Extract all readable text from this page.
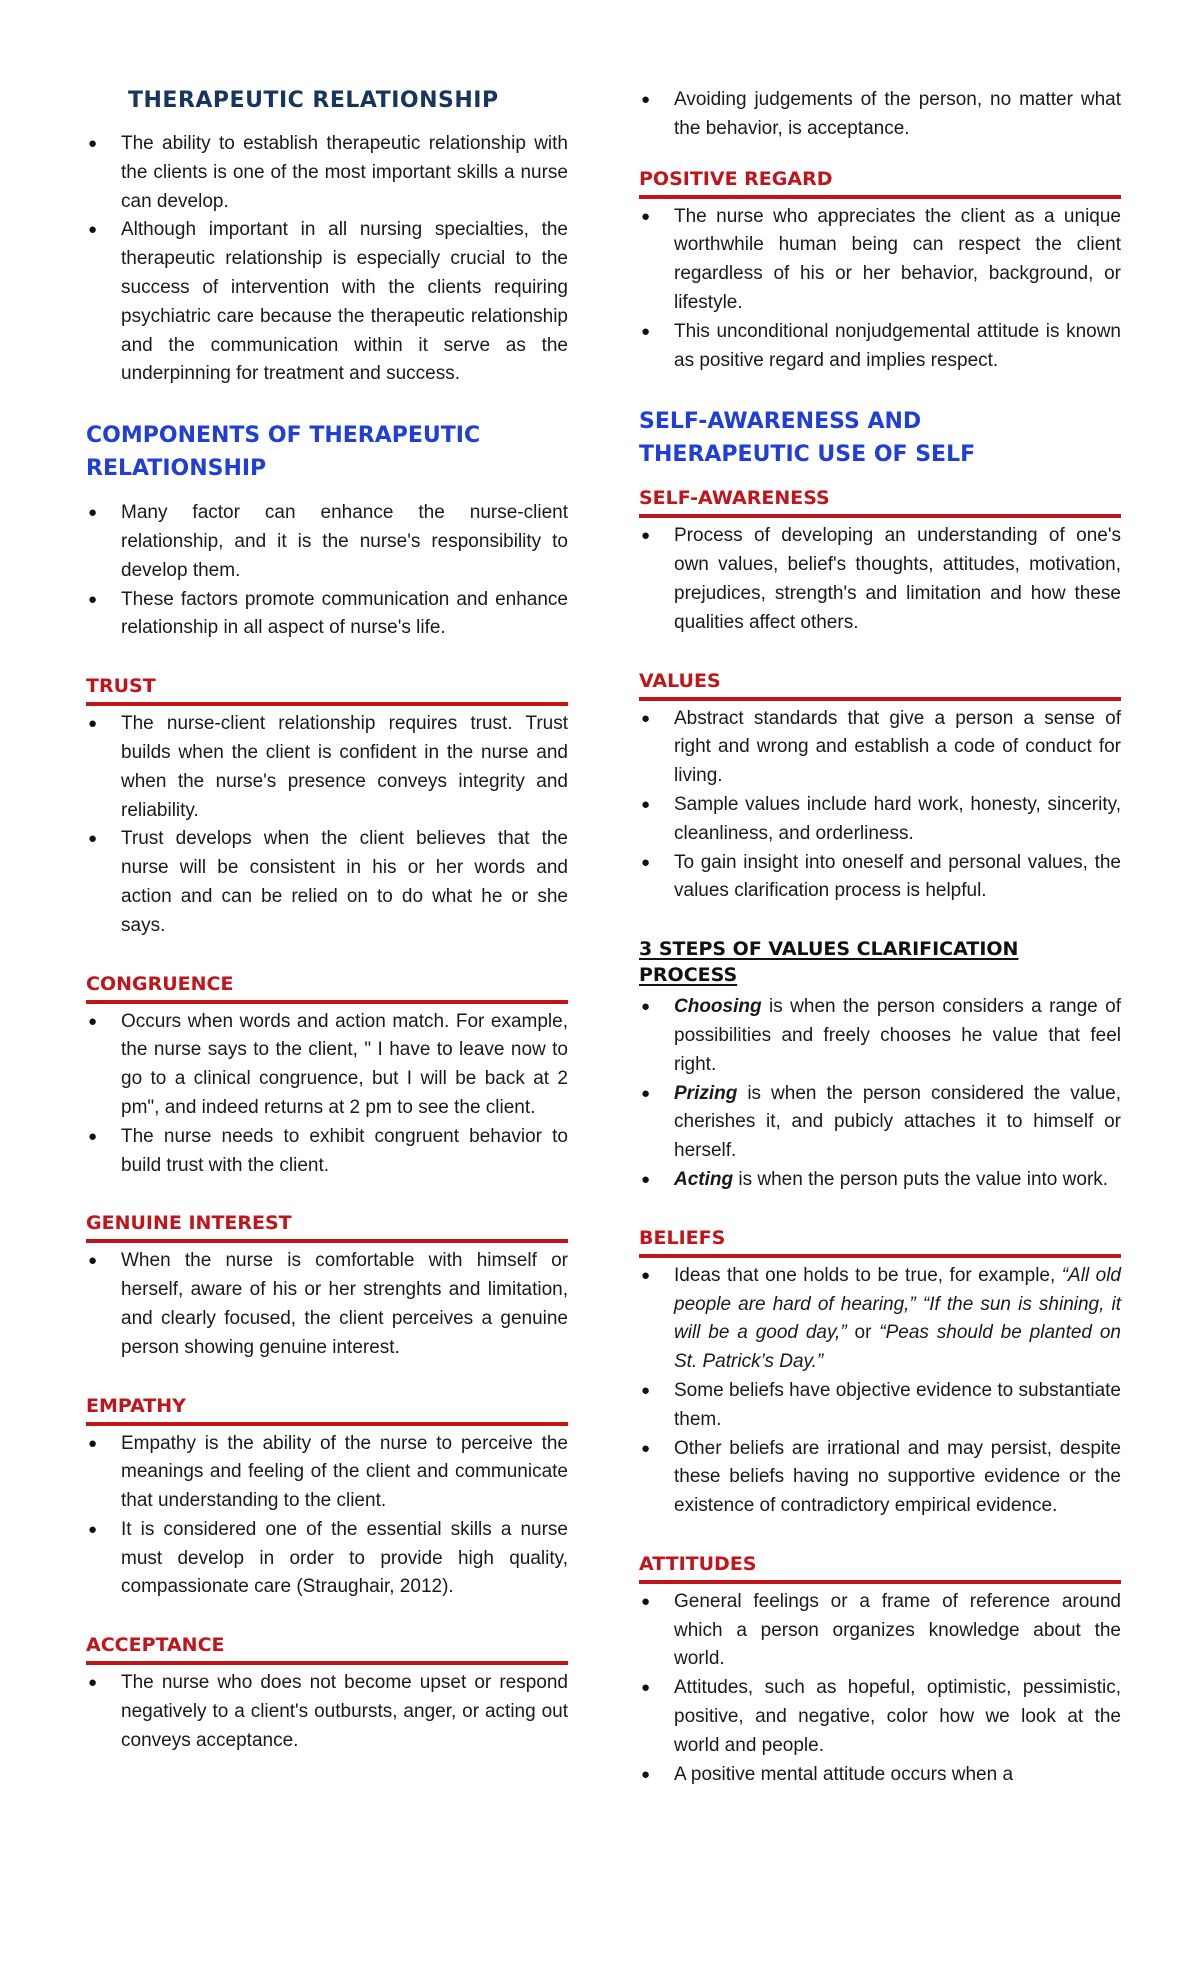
THERAPEUTIC RELATIONSHIP
● The ability to establish therapeutic relationship with the clients is one of the most important skills a nurse can develop.
● Although important in all nursing specialties, the therapeutic relationship is especially crucial to the success of intervention with the clients requiring psychiatric care because the therapeutic relationship and the communication within it serve as the underpinning for treatment and success.
COMPONENTS OF THERAPEUTIC RELATIONSHIP
● Many factor can enhance the nurse-client relationship, and it is the nurse's responsibility to develop them.
● These factors promote communication and enhance relationship in all aspect of nurse's life.
TRUST
● The nurse-client relationship requires trust. Trust builds when the client is confident in the nurse and when the nurse's presence conveys integrity and reliability.
● Trust develops when the client believes that the nurse will be consistent in his or her words and action and can be relied on to do what he or she says.
CONGRUENCE
● Occurs when words and action match. For example, the nurse says to the client, " I have to leave now to go to a clinical congruence, but I will be back at 2 pm", and indeed returns at 2 pm to see the client.
● The nurse needs to exhibit congruent behavior to build trust with the client.
GENUINE INTEREST
● When the nurse is comfortable with himself or herself, aware of his or her strenghts and limitation, and clearly focused, the client perceives a genuine person showing genuine interest.
EMPATHY
● Empathy is the ability of the nurse to perceive the meanings and feeling of the client and communicate that understanding to the client.
● It is considered one of the essential skills a nurse must develop in order to provide high quality, compassionate care (Straughair, 2012).
ACCEPTANCE
● The nurse who does not become upset or respond negatively to a client's outbursts, anger, or acting out conveys acceptance.
● Avoiding judgements of the person, no matter what the behavior, is acceptance.
POSITIVE REGARD
● The nurse who appreciates the client as a unique worthwhile human being can respect the client regardless of his or her behavior, background, or lifestyle.
● This unconditional nonjudgemental attitude is known as positive regard and implies respect.
SELF-AWARENESS AND
THERAPEUTIC USE OF SELF
SELF-AWARENESS
● Process of developing an understanding of one's own values, belief's thoughts, attitudes, motivation, prejudices, strength's and limitation and how these qualities affect others.
VALUES
● Abstract standards that give a person a sense of right and wrong and establish a code of conduct for living.
● Sample values include hard work, honesty, sincerity, cleanliness, and orderliness.
● To gain insight into oneself and personal values, the values clarification process is helpful.
3 STEPS OF VALUES CLARIFICATION PROCESS
● Choosing is when the person considers a range of possibilities and freely chooses he value that feel right.
● Prizing is when the person considered the value, cherishes it, and pubicly attaches it to himself or herself.
● Acting is when the person puts the value into work.
BELIEFS
● Ideas that one holds to be true, for example, “All old people are hard of hearing,” “If the sun is shining, it will be a good day,” or “Peas should be planted on St. Patrick’s Day.”
● Some beliefs have objective evidence to substantiate them.
● Other beliefs are irrational and may persist, despite these beliefs having no supportive evidence or the existence of contradictory empirical evidence.
ATTITUDES
● General feelings or a frame of reference around which a person organizes knowledge about the world.
● Attitudes, such as hopeful, optimistic, pessimistic, positive, and negative, color how we look at the world and people.
● A positive mental attitude occurs when a
